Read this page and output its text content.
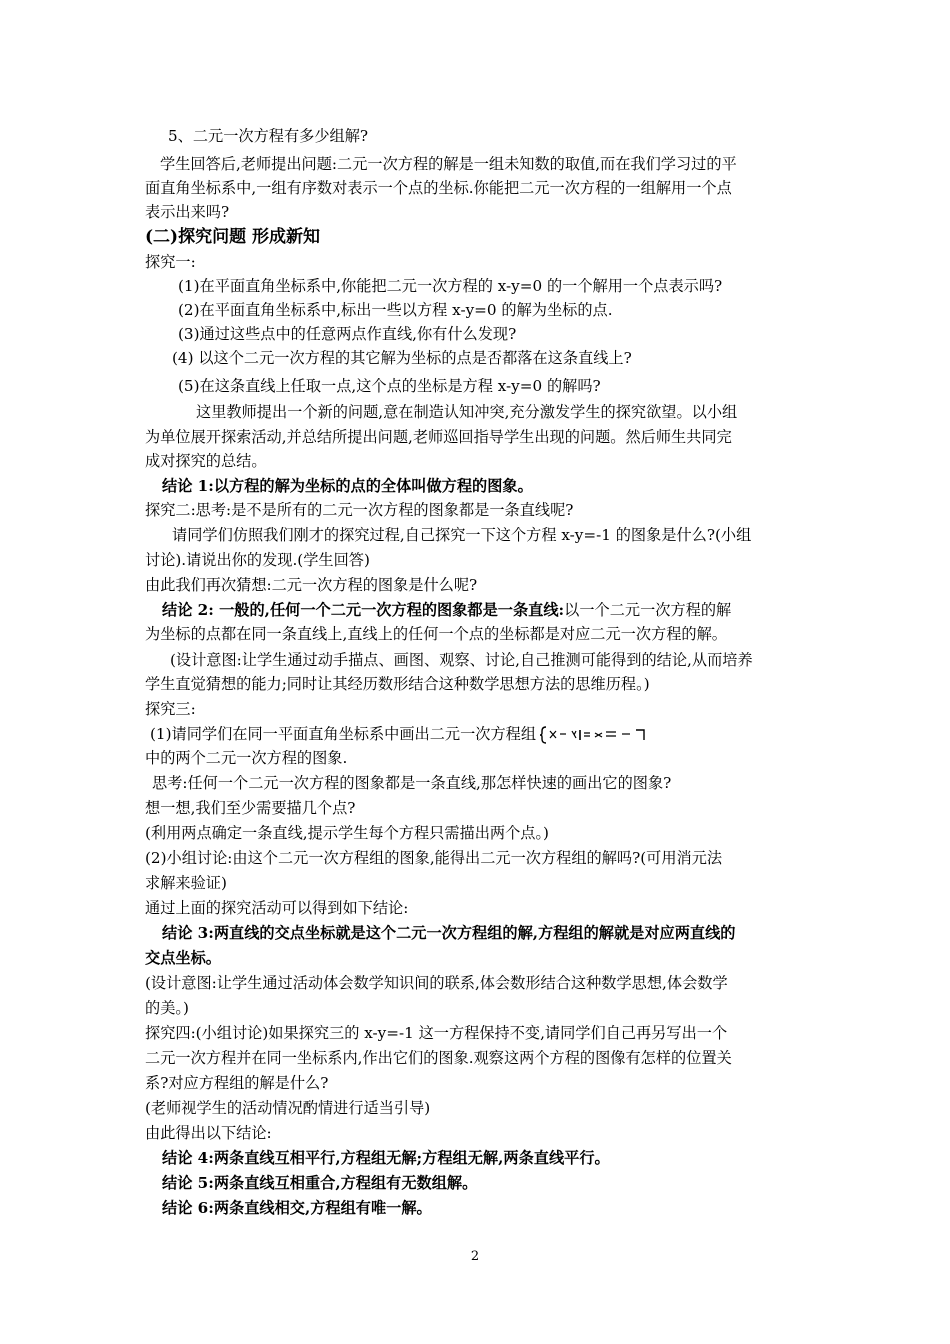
5、二元一次方程有多少组解?
学生回答后,老师提出问题:二元一次方程的解是一组未知数的取值,而在我们学习过的平
面直角坐标系中,一组有序数对表示一个点的坐标.你能把二元一次方程的一组解用一个点
表示出来吗?
(二)探究问题 形成新知
探究一:
(1)在平面直角坐标系中,你能把二元一次方程的 x-y=0 的一个解用一个点表示吗?
(2)在平面直角坐标系中,标出一些以方程 x-y=0 的解为坐标的点.
(3)通过这些点中的任意两点作直线,你有什么发现?
(4) 以这个二元一次方程的其它解为坐标的点是否都落在这条直线上?
(5)在这条直线上任取一点,这个点的坐标是方程 x-y=0 的解吗?
这里教师提出一个新的问题,意在制造认知冲突,充分激发学生的探究欲望。以小组
为单位展开探索活动,并总结所提出问题,老师巡回指导学生出现的问题。然后师生共同完
成对探究的总结。
结论 1:以方程的解为坐标的点的全体叫做方程的图象。
探究二:思考:是不是所有的二元一次方程的图象都是一条直线呢?
请同学们仿照我们刚才的探究过程,自己探究一下这个方程 x-y=-1 的图象是什么?(小组
讨论).请说出你的发现.(学生回答)
由此我们再次猜想:二元一次方程的图象是什么呢?
结论 2: 一般的,任何一个二元一次方程的图象都是一条直线:以一个二元一次方程的解
为坐标的点都在同一条直线上,直线上的任何一个点的坐标都是对应二元一次方程的解。
(设计意图:让学生通过动手描点、画图、观察、讨论,自己推测可能得到的结论,从而培养
学生直觉猜想的能力;同时让其经历数形结合这种数学思想方法的思维历程。)
探究三:
(1)请同学们在同一平面直角坐标系中画出二元一次方程组
中的两个二元一次方程的图象.
思考:任何一个二元一次方程的图象都是一条直线,那怎样快速的画出它的图象?
想一想,我们至少需要描几个点?
(利用两点确定一条直线,提示学生每个方程只需描出两个点。)
(2)小组讨论:由这个二元一次方程组的图象,能得出二元一次方程组的解吗?(可用消元法
求解来验证)
通过上面的探究活动可以得到如下结论:
结论 3:两直线的交点坐标就是这个二元一次方程组的解,方程组的解就是对应两直线的
交点坐标。
(设计意图:让学生通过活动体会数学知识间的联系,体会数形结合这种数学思想,体会数学
的美。)
探究四:(小组讨论)如果探究三的 x-y=-1 这一方程保持不变,请同学们自己再另写出一个
二元一次方程并在同一坐标系内,作出它们的图象.观察这两个方程的图像有怎样的位置关
系?对应方程组的解是什么?
(老师视学生的活动情况酌情进行适当引导)
由此得出以下结论:
结论 4:两条直线互相平行,方程组无解;方程组无解,两条直线平行。
结论 5:两条直线互相重合,方程组有无数组解。
结论 6:两条直线相交,方程组有唯一解。
2
